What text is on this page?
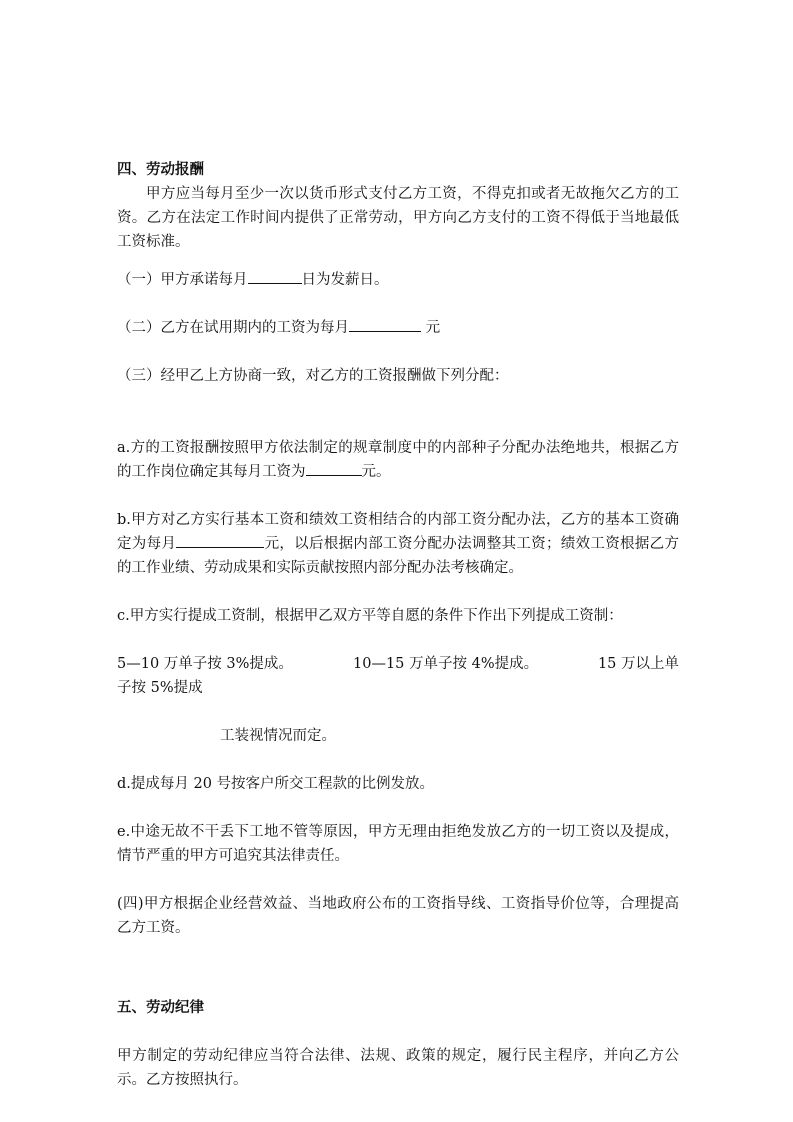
四、劳动报酬

甲方应当每月至少一次以货币形式支付乙方工资，不得克扣或者无故拖欠乙方的工资。乙方在法定工作时间内提供了正常劳动，甲方向乙方支付的工资不得低于当地最低工资标准。

（一）甲方承诺每月	日为发薪日。

（二）乙方在试用期内的工资为每月	元

（三）经甲乙上方协商一致，对乙方的工资报酬做下列分配：

a.方的工资报酬按照甲方依法制定的规章制度中的内部种子分配办法绝地共，根据乙方的工作岗位确定其每月工资为	元。

b.甲方对乙方实行基本工资和绩效工资相结合的内部工资分配办法，乙方的基本工资确定为每月	元，以后根据内部工资分配办法调整其工资；绩效工资根据乙方的工作业绩、劳动成果和实际贡献按照内部分配办法考核确定。

c.甲方实行提成工资制，根据甲乙双方平等自愿的条件下作出下列提成工资制：

5—10 万单子按 3%提成。	10—15 万单子按 4%提成。	15 万以上单

子按 5%提成

工装视情况而定。

d.提成每月 20 号按客户所交工程款的比例发放。

e.中途无故不干丢下工地不管等原因，甲方无理由拒绝发放乙方的一切工资以及提成，情节严重的甲方可追究其法律责任。

(四)甲方根据企业经营效益、当地政府公布的工资指导线、工资指导价位等，合理提高乙方工资。

五、劳动纪律

甲方制定的劳动纪律应当符合法律、法规、政策的规定，履行民主程序，并向乙方公示。乙方按照执行。
